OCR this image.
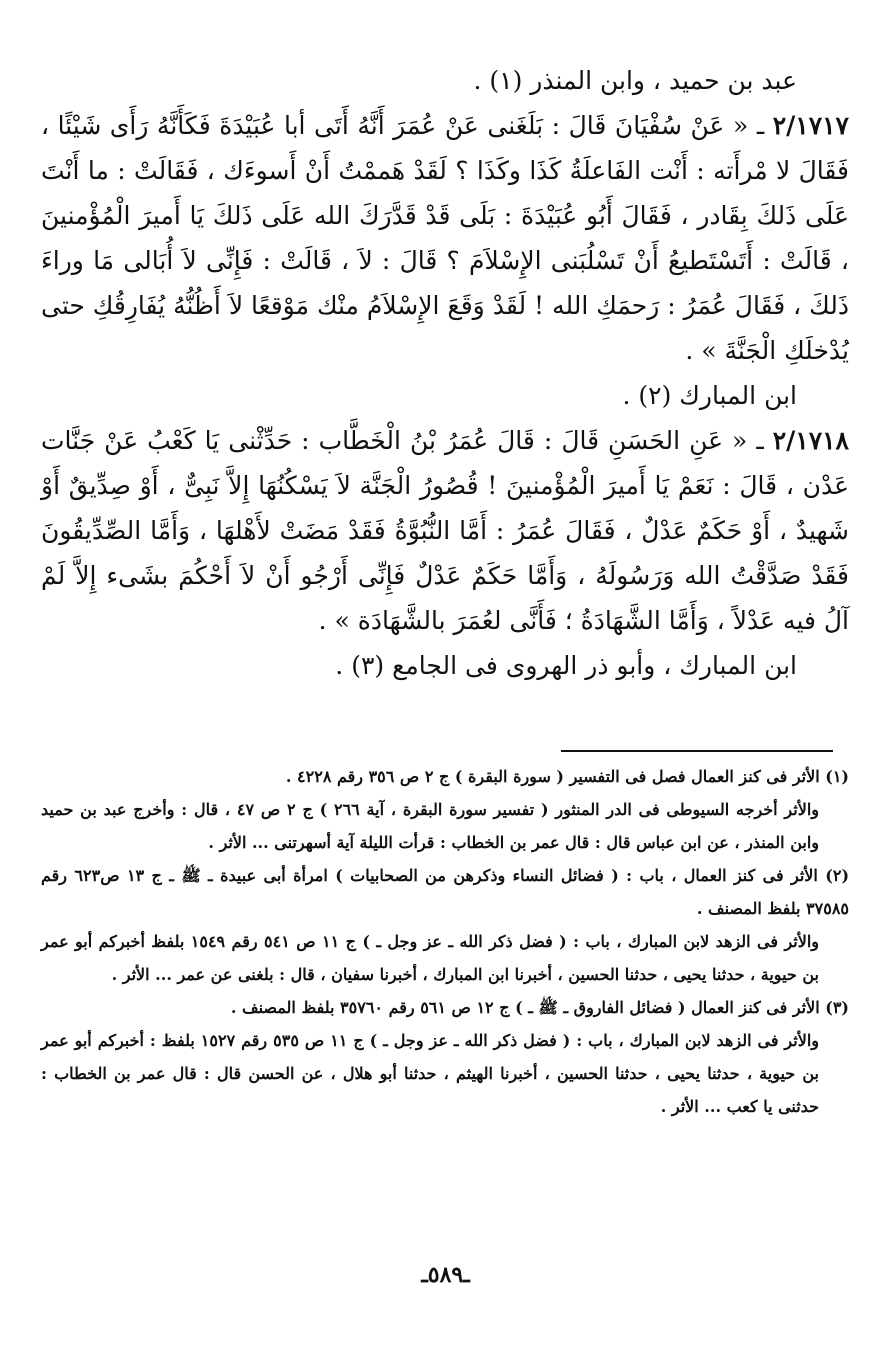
عبد بن حميد ، وابن المنذر (١) .

٢/١٧١٧ ـ « عَنْ سُفْيَانَ قَالَ : بَلَغَنى عَنْ عُمَرَ أَنَّهُ أَتَى أبا عُبَيْدَةَ فَكَأَنَّهُ رَأَى شَيْئًا ، فَقَالَ لا مْرأَته : أَنْت الفَاعلَةُ كَذَا وكَذَا ؟ لَقَدْ هَممْتُ أَنْ أَسوءَك ، فَقَالَتْ : ما أَنْتَ عَلَى ذَلكَ بِقَادر ، فَقَالَ أَبُو عُبَيْدَةَ : بَلَى قَدْ قَدَّرَكَ الله عَلَى ذَلكَ يَا أَميرَ الْمُؤْمنينَ ، قَالَتْ : أَتَسْتَطيعُ أَنْ تَسْلُبَنى الإِسْلاَمَ ؟ قَالَ : لاَ ، قَالَتْ : فَإِنِّى لاَ أُبَالى مَا وراءَ ذَلكَ ، فَقَالَ عُمَرُ : رَحمَكِ الله ! لَقَدْ وَقَعَ الإِسْلاَمُ منْك مَوْقعًا لاَ أَظُنُّهُ يُفَارِقُكِ حتى يُدْخلَكِ الْجَنَّةَ » .

ابن المبارك (٢) .

٢/١٧١٨ ـ « عَنِ الحَسَنِ قَالَ : قَالَ عُمَرُ بْنُ الْخَطَّاب : حَدِّثْنى يَا كَعْبُ عَنْ جَنَّات عَدْن ، قَالَ : نَعَمْ يَا أَميرَ الْمُؤْمنينَ ! قُصُورُ الْجَنَّة لاَ يَسْكُنُهَا إِلاَّ نَبِىٌّ ، أَوْ صِدِّيقٌ أَوْ شَهيدٌ ، أَوْ حَكَمٌ عَدْلٌ ، فَقَالَ عُمَرُ : أَمَّا النُّبُوَّةُ فَقَدْ مَضَتْ لأَهْلهَا ، وَأَمَّا الصِّدِّيقُونَ فَقَدْ صَدَّقْتُ الله وَرَسُولَهُ ، وَأَمَّا حَكَمٌ عَدْلٌ فَإِنِّى أَرْجُو أَنْ لاَ أَحْكُمَ بشَىء إِلاَّ لَمْ آلُ فيه عَدْلاً ، وَأَمَّا الشَّهَادَةُ ؛ فَأَنَّى لعُمَرَ بالشَّهَادَة » .

ابن المبارك ، وأبو ذر الهروى فى الجامع (٣) .

(١) الأثر فى كنز العمال فصل فى التفسير ( سورة البقرة ) ج ٢ ص ٣٥٦ رقم ٤٢٢٨ .

والأثر أخرجه السيوطى فى الدر المنثور ( تفسير سورة البقرة ، آية ٢٦٦ ) ج ٢ ص ٤٧ ، قال : وأخرج عبد بن حميد وابن المنذر ، عن ابن عباس قال : قال عمر بن الخطاب : قرأت الليلة آية أسهرتنى ... الأثر .

(٢) الأثر فى كنز العمال ، باب : ( فضائل النساء وذكرهن من الصحابيات ) امرأة أبى عبيدة ـ ﷺ ـ ج ١٣ ص٦٢٣ رقم ٣٧٥٨٥ بلفظ المصنف .

والأثر فى الزهد لابن المبارك ، باب : ( فضل ذكر الله ـ عز وجل ـ ) ج ١١ ص ٥٤١ رقم ١٥٤٩ بلفظ أخبركم أبو عمر بن حيوية ، حدثنا يحيى ، حدثنا الحسين ، أخبرنا ابن المبارك ، أخبرنا سفيان ، قال : بلغنى عن عمر ... الأثر .

(٣) الأثر فى كنز العمال ( فضائل الفاروق ـ ﷺ ـ ) ج ١٢ ص ٥٦١ رقم ٣٥٧٦٠ بلفظ المصنف .

والأثر فى الزهد لابن المبارك ، باب : ( فضل ذكر الله ـ عز وجل ـ ) ج ١١ ص ٥٣٥ رقم ١٥٢٧ بلفظ : أخبركم أبو عمر بن حيوية ، حدثنا يحيى ، حدثنا الحسين ، أخبرنا الهيثم ، حدثنا أبو هلال ، عن الحسن قال : قال عمر بن الخطاب : حدثنى يا كعب ... الأثر .

ـ٥٨٩ـ
